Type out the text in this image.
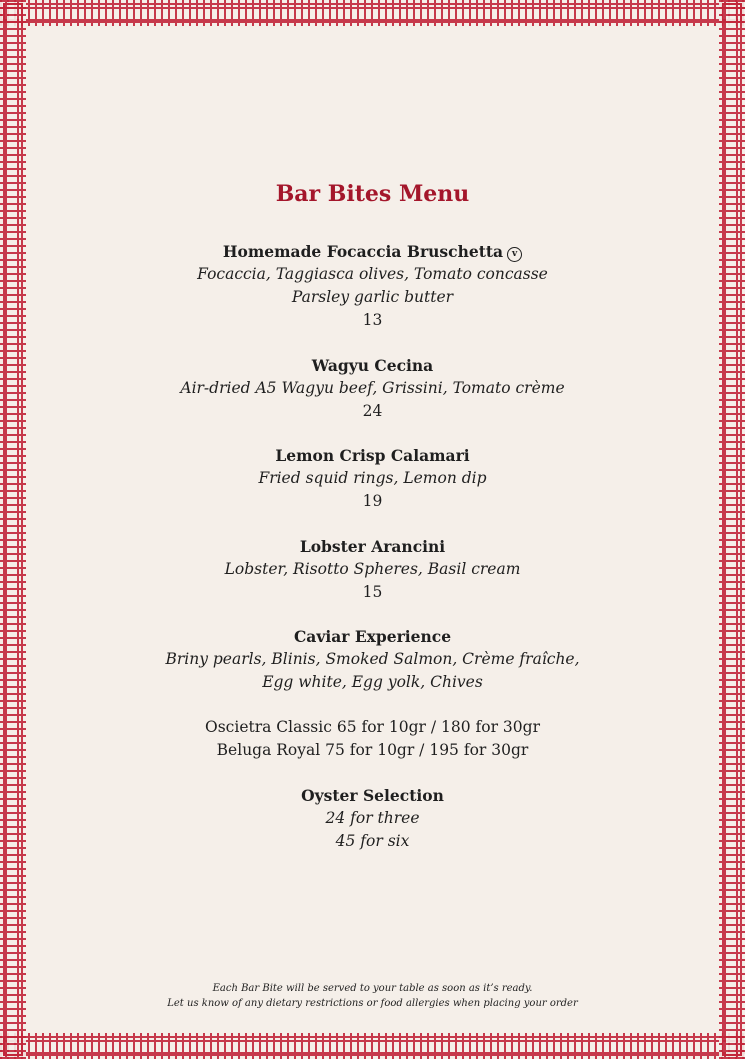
Bar Bites Menu
Homemade Focaccia Bruschetta v
Focaccia, Taggiasca olives, Tomato concasse
Parsley garlic butter
13
Wagyu Cecina
Air-dried A5 Wagyu beef, Grissini, Tomato crème
24
Lemon Crisp Calamari
Fried squid rings, Lemon dip
19
Lobster Arancini
Lobster, Risotto Spheres, Basil cream
15
Caviar Experience
Briny pearls, Blinis, Smoked Salmon, Crème fraîche,
Egg white, Egg yolk, Chives
Oscietra Classic 65 for 10gr / 180 for 30gr
Beluga Royal 75 for 10gr / 195 for 30gr
Oyster Selection
24 for three
45 for six
Each Bar Bite will be served to your table as soon as it’s ready.
Let us know of any dietary restrictions or food allergies when placing your order
